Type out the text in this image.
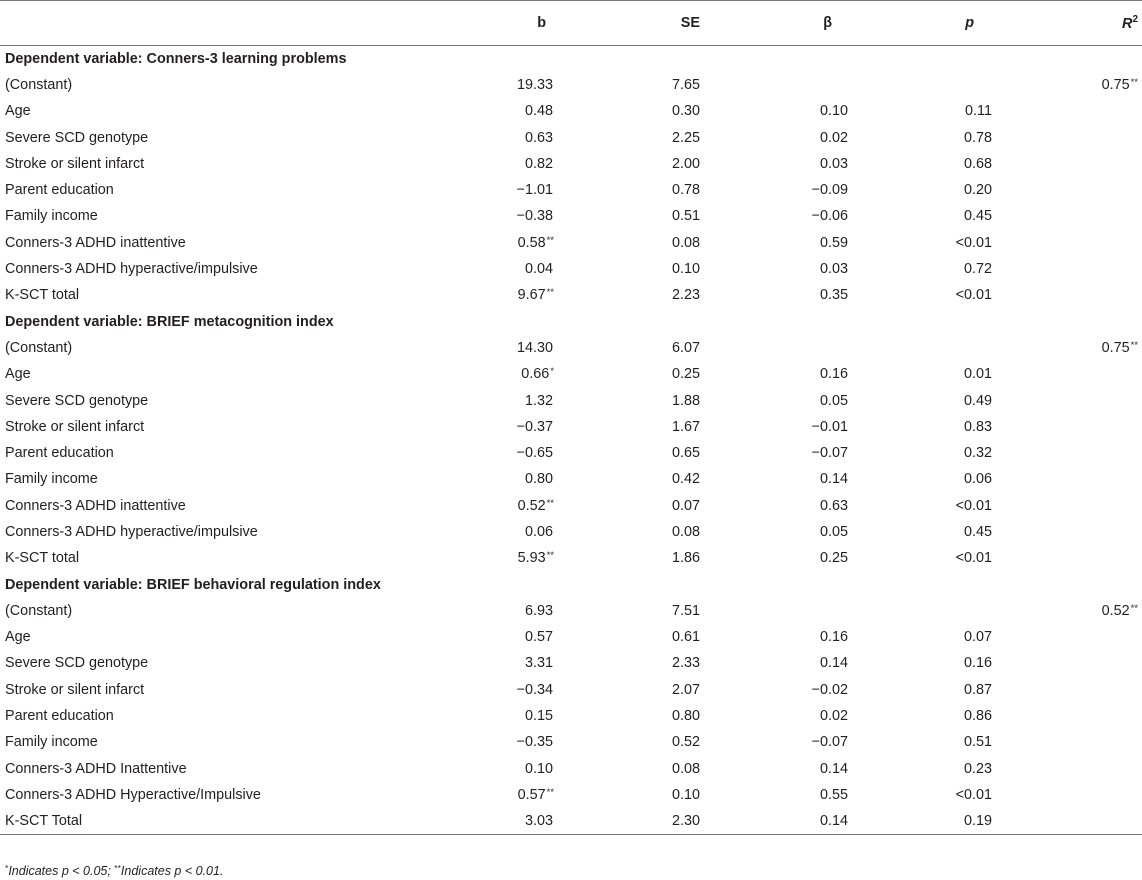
	b	SE	β	p	$R^2$
Dependent variable: Conners-3 learning problems					
(Constant)	19.33	7.65			0.75**
Age	0.48	0.30	0.10	0.11	
Severe SCD genotype	0.63	2.25	0.02	0.78	
Stroke or silent infarct	0.82	2.00	0.03	0.68	
Parent education	−1.01	0.78	−0.09	0.20	
Family income	−0.38	0.51	−0.06	0.45	
Conners-3 ADHD inattentive	0.58**	0.08	0.59	<0.01	
Conners-3 ADHD hyperactive/impulsive	0.04	0.10	0.03	0.72	
K-SCT total	9.67**	2.23	0.35	<0.01	
Dependent variable: BRIEF metacognition index					
(Constant)	14.30	6.07			0.75**
Age	0.66*	0.25	0.16	0.01	
Severe SCD genotype	1.32	1.88	0.05	0.49	
Stroke or silent infarct	−0.37	1.67	−0.01	0.83	
Parent education	−0.65	0.65	−0.07	0.32	
Family income	0.80	0.42	0.14	0.06	
Conners-3 ADHD inattentive	0.52**	0.07	0.63	<0.01	
Conners-3 ADHD hyperactive/impulsive	0.06	0.08	0.05	0.45	
K-SCT total	5.93**	1.86	0.25	<0.01	
Dependent variable: BRIEF behavioral regulation index					
(Constant)	6.93	7.51			0.52**
Age	0.57	0.61	0.16	0.07	
Severe SCD genotype	3.31	2.33	0.14	0.16	
Stroke or silent infarct	−0.34	2.07	−0.02	0.87	
Parent education	0.15	0.80	0.02	0.86	
Family income	−0.35	0.52	−0.07	0.51	
Conners-3 ADHD Inattentive	0.10	0.08	0.14	0.23	
Conners-3 ADHD Hyperactive/Impulsive	0.57**	0.10	0.55	<0.01	
K-SCT Total	3.03	2.30	0.14	0.19	
*Indicates p < 0.05; **Indicates p < 0.01.
